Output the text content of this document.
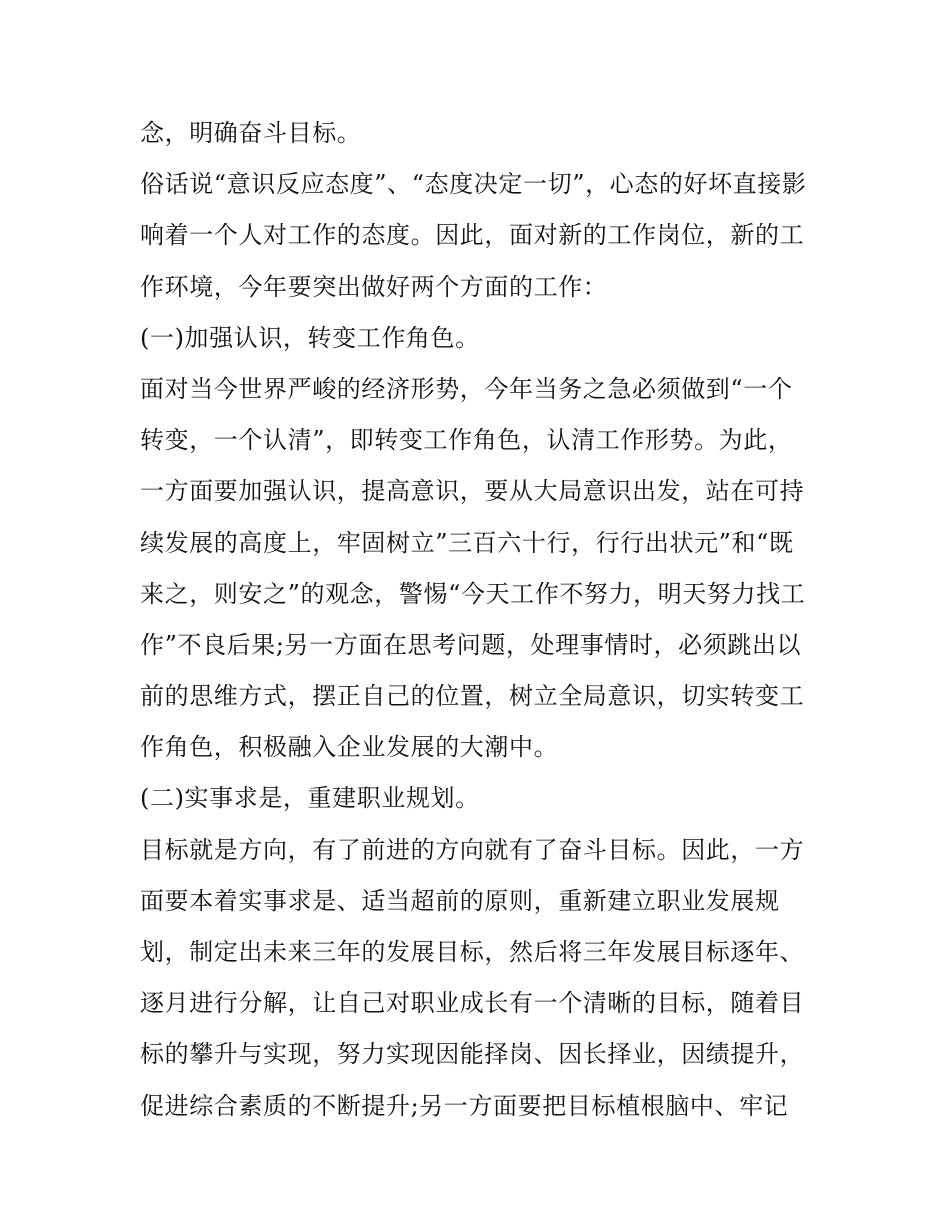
念，明确奋斗目标。
俗话说“意识反应态度”、“态度决定一切”，心态的好坏直接影
响着一个人对工作的态度。因此，面对新的工作岗位，新的工
作环境，今年要突出做好两个方面的工作：
(一)加强认识，转变工作角色。
面对当今世界严峻的经济形势，今年当务之急必须做到“一个
转变，一个认清”，即转变工作角色，认清工作形势。为此，
一方面要加强认识，提高意识，要从大局意识出发，站在可持
续发展的高度上，牢固树立”三百六十行，行行出状元”和“既
来之，则安之”的观念，警惕“今天工作不努力，明天努力找工
作”不良后果;另一方面在思考问题，处理事情时，必须跳出以
前的思维方式，摆正自己的位置，树立全局意识，切实转变工
作角色，积极融入企业发展的大潮中。
(二)实事求是，重建职业规划。
目标就是方向，有了前进的方向就有了奋斗目标。因此，一方
面要本着实事求是、适当超前的原则，重新建立职业发展规
划，制定出未来三年的发展目标，然后将三年发展目标逐年、
逐月进行分解，让自己对职业成长有一个清晰的目标，随着目
标的攀升与实现，努力实现因能择岗、因长择业，因绩提升，
促进综合素质的不断提升;另一方面要把目标植根脑中、牢记
